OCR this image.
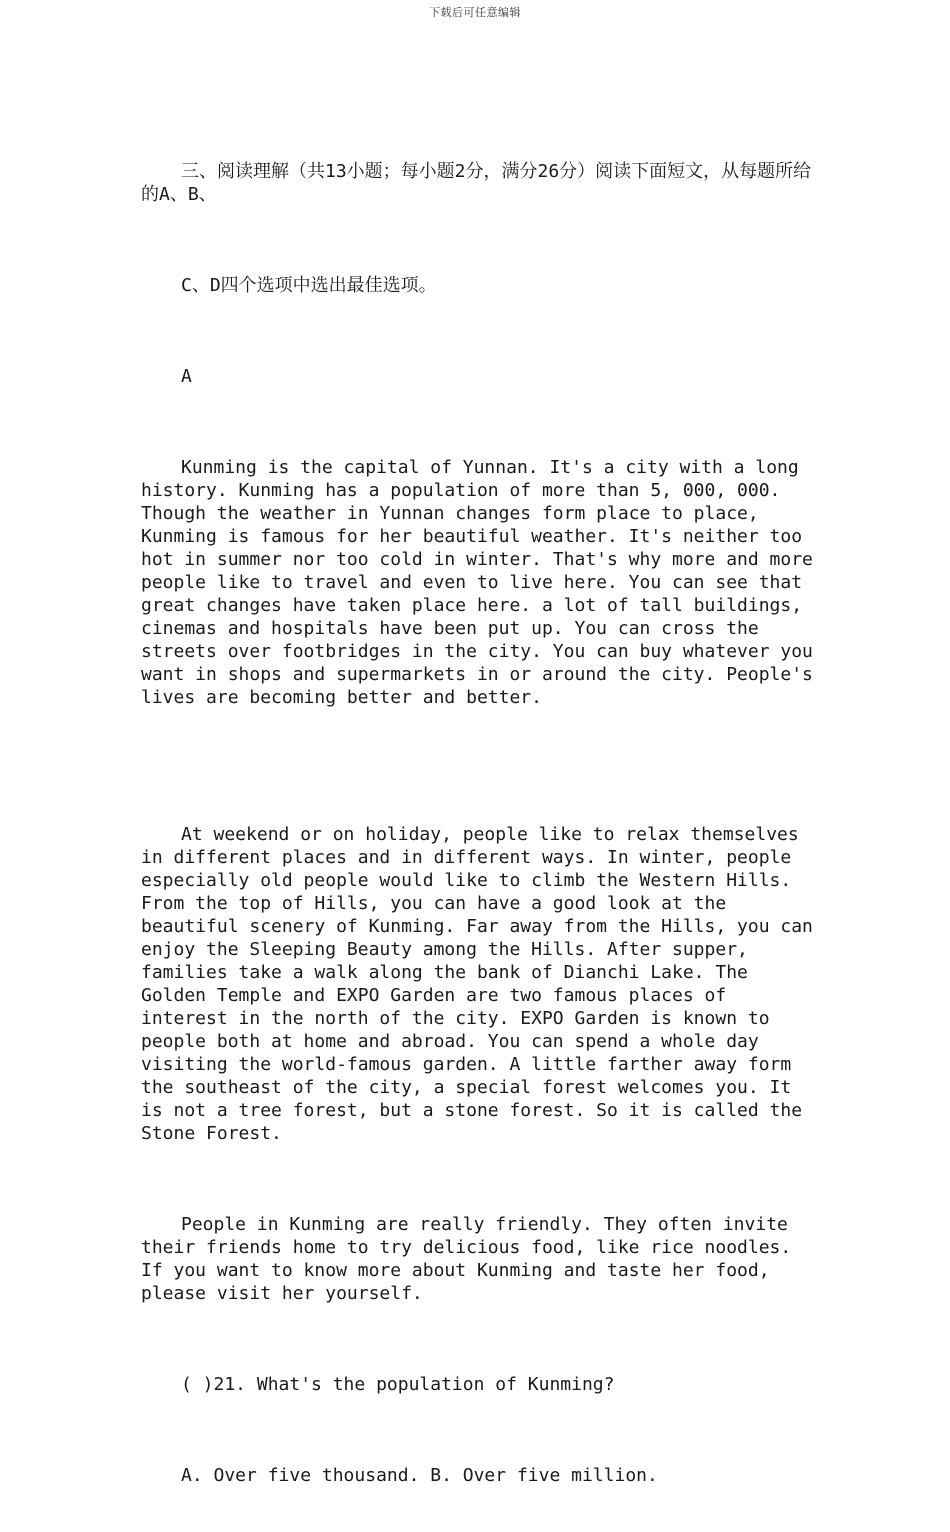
下载后可任意编辑

三、阅读理解（共13小题；每小题2分，满分26分）阅读下面短文，从每题所给的A、B、

C、D四个选项中选出最佳选项。

A

Kunming is the capital of Yunnan. It's a city with a long history. Kunming has a population of more than 5, 000, 000. Though the weather in Yunnan changes form place to place, Kunming is famous for her beautiful weather. It's neither too hot in summer nor too cold in winter. That's why more and more people like to travel and even to live here. You can see that great changes have taken place here. a lot of tall buildings, cinemas and hospitals have been put up. You can cross the streets over footbridges in the city. You can buy whatever you want in shops and supermarkets in or around the city. People's lives are becoming better and better.

At weekend or on holiday, people like to relax themselves in different places and in different ways. In winter, people especially old people would like to climb the Western Hills. From the top of Hills, you can have a good look at the beautiful scenery of Kunming. Far away from the Hills, you can enjoy the Sleeping Beauty among the Hills. After supper, families take a walk along the bank of Dianchi Lake. The Golden Temple and EXPO Garden are two famous places of interest in the north of the city. EXPO Garden is known to people both at home and abroad. You can spend a whole day visiting the world-famous garden. A little farther away form the southeast of the city, a special forest welcomes you. It is not a tree forest, but a stone forest. So it is called the Stone Forest.

People in Kunming are really friendly. They often invite their friends home to try delicious food, like rice noodles. If you want to know more about Kunming and taste her food, please visit her yourself.

( )21. What's the population of Kunming?

A. Over five thousand. B. Over five million.
